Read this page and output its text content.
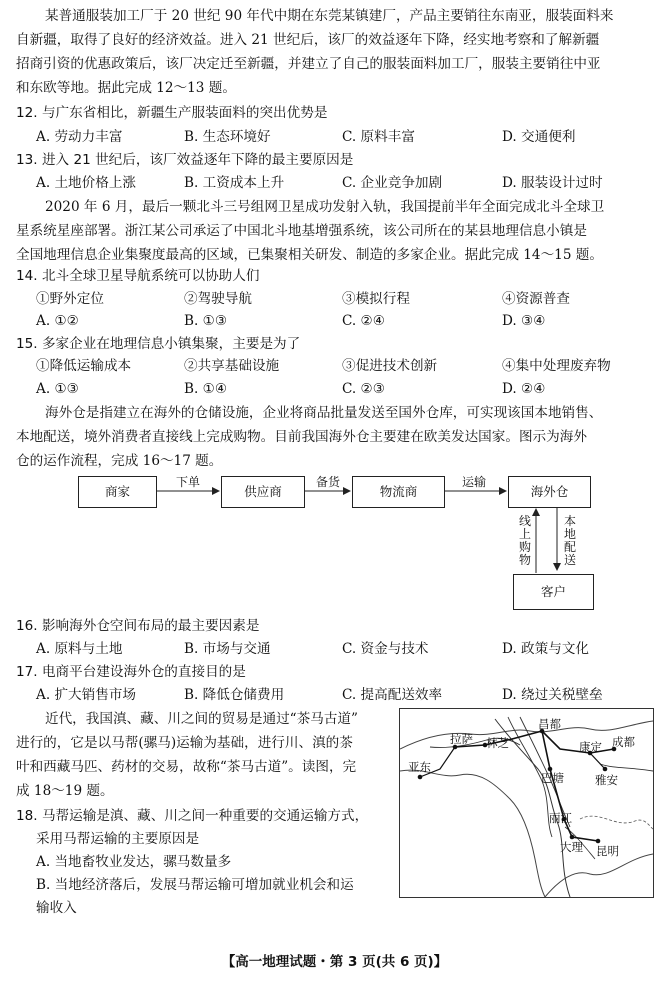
某普通服装加工厂于 20 世纪 90 年代中期在东莞某镇建厂，产品主要销往东南亚，服装面料来
自新疆，取得了良好的经济效益。进入 21 世纪后，该厂的效益逐年下降，经实地考察和了解新疆
招商引资的优惠政策后，该厂决定迁至新疆，并建立了自己的服装面料加工厂，服装主要销往中亚
和东欧等地。据此完成 12～13 题。
12. 与广东省相比，新疆生产服装面料的突出优势是
A. 劳动力丰富	B. 生态环境好	C. 原料丰富	D. 交通便利
13. 进入 21 世纪后，该厂效益逐年下降的最主要原因是
A. 土地价格上涨	B. 工资成本上升	C. 企业竞争加剧	D. 服装设计过时
2020 年 6 月，最后一颗北斗三号组网卫星成功发射入轨，我国提前半年全面完成北斗全球卫
星系统星座部署。浙江某公司承运了中国北斗地基增强系统，该公司所在的某县地理信息小镇是
全国地理信息企业集聚度最高的区域，已集聚相关研发、制造的多家企业。据此完成 14～15 题。
14. 北斗全球卫星导航系统可以协助人们
①野外定位	②驾驶导航	③模拟行程	④资源普查
A. ①②	B. ①③	C. ②④	D. ③④
15. 多家企业在地理信息小镇集聚，主要是为了
①降低运输成本	②共享基础设施	③促进技术创新	④集中处理废弃物
A. ①③	B. ①④	C. ②③	D. ②④
海外仓是指建立在海外的仓储设施，企业将商品批量发送至国外仓库，可实现该国本地销售、
本地配送，境外消费者直接线上完成购物。目前我国海外仓主要建在欧美发达国家。图示为海外
仓的运作流程，完成 16～17 题。
商家	供应商	物流商	海外仓
客户
下单	备货	运输
线
上
购
物
本
地
配
送
16. 影响海外仓空间布局的最主要因素是
A. 原料与土地	B. 市场与交通	C. 资金与技术	D. 政策与文化
17. 电商平台建设海外仓的直接目的是
A. 扩大销售市场	B. 降低仓储费用	C. 提高配送效率	D. 绕过关税壁垒
近代，我国滇、藏、川之间的贸易是通过“茶马古道”
进行的，它是以马帮(骡马)运输为基础，进行川、滇的茶
叶和西藏马匹、药材的交易，故称“茶马古道”。读图，完
成 18～19 题。
拉萨 林芝
昌都
康定 成都
亚东
巴塘	雅安
丽江
大理 昆明
18. 马帮运输是滇、藏、川之间一种重要的交通运输方式，
采用马帮运输的主要原因是
A. 当地畜牧业发达，骡马数量多
B. 当地经济落后，发展马帮运输可增加就业机会和运
输收入
【高一地理试题・第 3 页(共 6 页)】
